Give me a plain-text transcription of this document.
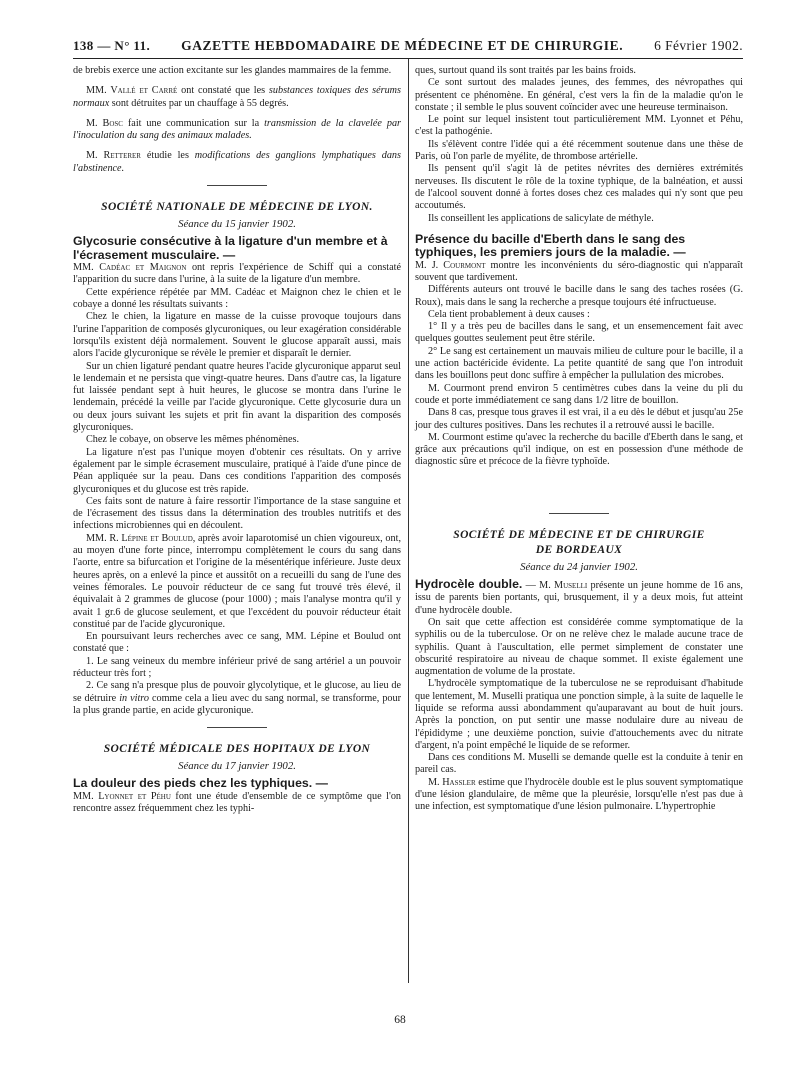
138 — N° 11. GAZETTE HEBDOMADAIRE DE MÉDECINE ET DE CHIRURGIE. 6 Février 1902.

de brebis exerce une action excitante sur les glandes mammaires de la femme.

MM. Vallé et Carré ont constaté que les substances toxiques des sérums normaux sont détruites par un chauffage à 55 degrés.

M. Bosc fait une communication sur la transmission de la clavelée par l'inoculation du sang des animaux malades.

M. Retterer étudie les modifications des ganglions lymphatiques dans l'abstinence.

SOCIÉTÉ NATIONALE DE MÉDECINE DE LYON.
Séance du 15 janvier 1902.

Glycosurie consécutive à la ligature d'un membre et à l'écrasement musculaire. —

MM. Cadéac et Maignon ont repris l'expérience de Schiff qui a constaté l'apparition du sucre dans l'urine, à la suite de la ligature d'un membre.

Cette expérience répétée par MM. Cadéac et Maignon chez le chien et le cobaye a donné les résultats suivants :

Chez le chien, la ligature en masse de la cuisse provoque toujours dans l'urine l'apparition de composés glycuroniques, ou leur exagération considérable lorsqu'ils existent déjà normalement. Souvent le glucose apparaît aussi, mais alors l'acide glycuronique se révèle le premier et disparaît le dernier.

Sur un chien ligaturé pendant quatre heures l'acide glycuronique apparut seul le lendemain et ne persista que vingt-quatre heures. Dans d'autre cas, la ligature fut laissée pendant sept à huit heures, le glucose se montra dans l'urine le lendemain, précédé la veille par l'acide glycuronique. Cette glycosurie dura un ou deux jours suivant les sujets et prit fin avant la disparition des composés glycuroniques.

Chez le cobaye, on observe les mêmes phénomènes.

La ligature n'est pas l'unique moyen d'obtenir ces résultats. On y arrive également par le simple écrasement musculaire, pratiqué à l'aide d'une pince de Péan appliquée sur la peau. Dans ces conditions l'apparition des composés glycuroniques et du glucose est très rapide.

Ces faits sont de nature à faire ressortir l'importance de la stase sanguine et de l'écrasement des tissus dans la détermination des troubles nutritifs et des infections microbiennes qui en découlent.

MM. R. Lépine et Boulud, après avoir laparotomisé un chien vigoureux, ont, au moyen d'une forte pince, interrompu complètement le cours du sang dans l'aorte, entre sa bifurcation et l'origine de la mésentérique inférieure. Juste deux heures après, on a enlevé la pince et aussitôt on a recueilli du sang de l'une des veines fémorales. Le pouvoir réducteur de ce sang fut trouvé très élevé, il équivalait à 2 grammes de glucose (pour 1000) ; mais l'analyse montra qu'il y avait 1 gr.6 de glucose seulement, et que l'excédent du pouvoir réducteur était constitué par de l'acide glycuronique.

En poursuivant leurs recherches avec ce sang, MM. Lépine et Boulud ont constaté que :

1. Le sang veineux du membre inférieur privé de sang artériel a un pouvoir réducteur très fort ;

2. Ce sang n'a presque plus de pouvoir glycolytique, et le glucose, au lieu de se détruire in vitro comme cela a lieu avec du sang normal, se transforme, pour la plus grande partie, en acide glycuronique.

SOCIÉTÉ MÉDICALE DES HOPITAUX DE LYON
Séance du 17 janvier 1902.

La douleur des pieds chez les typhiques. —

MM. Lyonnet et Péhu font une étude d'ensemble de ce symptôme que l'on rencontre assez fréquemment chez les typhi-

ques, surtout quand ils sont traités par les bains froids.

Ce sont surtout des malades jeunes, des femmes, des névropathes qui présentent ce phénomène. En général, c'est vers la fin de la maladie qu'on le constate ; il semble le plus souvent coïncider avec une heureuse terminaison.

Le point sur lequel insistent tout particulièrement MM. Lyonnet et Péhu, c'est la pathogénie.

Ils s'élèvent contre l'idée qui a été récemment soutenue dans une thèse de Paris, où l'on parle de myélite, de thrombose artérielle.

Ils pensent qu'il s'agit là de petites névrites des dernières extrémités nerveuses. Ils discutent le rôle de la toxine typhique, de la balnéation, et aussi de l'alcool souvent donné à fortes doses chez ces malades qui n'y sont que peu accoutumés.

Ils conseillent les applications de salicylate de méthyle.

Présence du bacille d'Eberth dans le sang des typhiques, les premiers jours de la maladie. —

M. J. Courmont montre les inconvénients du séro-diagnostic qui n'apparaît souvent que tardivement.

Différents auteurs ont trouvé le bacille dans le sang des taches rosées (G. Roux), mais dans le sang la recherche a presque toujours été infructueuse.

Cela tient probablement à deux causes :

1° Il y a très peu de bacilles dans le sang, et un ensemencement fait avec quelques gouttes seulement peut être stérile.

2° Le sang est certainement un mauvais milieu de culture pour le bacille, il a une action bactéricide évidente. La petite quantité de sang que l'on introduit dans les bouillons peut donc suffire à empêcher la pullulation des microbes.

M. Courmont prend environ 5 centimètres cubes dans la veine du pli du coude et porte immédiatement ce sang dans 1/2 litre de bouillon.

Dans 8 cas, presque tous graves il est vrai, il a eu dès le début et jusqu'au 25e jour des cultures positives. Dans les rechutes il a retrouvé aussi le bacille.

M. Courmont estime qu'avec la recherche du bacille d'Eberth dans le sang, et grâce aux précautions qu'il indique, on est en possession d'une méthode de diagnostic sûre et précoce de la fièvre typhoïde.

SOCIÉTÉ DE MÉDECINE ET DE CHIRURGIE
DE BORDEAUX
Séance du 24 janvier 1902.

Hydrocèle double. — M. Muselli présente un jeune homme de 16 ans, issu de parents bien portants, qui, brusquement, il y a deux mois, fut atteint d'une hydrocèle double.

On sait que cette affection est considérée comme symptomatique de la syphilis ou de la tuberculose. Or on ne relève chez le malade aucune trace de syphilis. Quant à l'auscultation, elle permet simplement de constater une obscurité respiratoire au niveau de chaque sommet. Il existe également une augmentation de volume de la prostate.

L'hydrocèle symptomatique de la tuberculose ne se reproduisant d'habitude que lentement, M. Muselli pratiqua une ponction simple, à la suite de laquelle le liquide se reforma aussi abondamment qu'auparavant au bout de huit jours. Après la ponction, on put sentir une masse nodulaire dure au niveau de l'épididyme ; une deuxième ponction, suivie d'attouchements avec du nitrate d'argent, n'a point empêché le liquide de se reformer.

Dans ces conditions M. Muselli se demande quelle est la conduite à tenir en pareil cas.

M. Hassler estime que l'hydrocèle double est le plus souvent symptomatique d'une lésion glandulaire, de même que la pleurésie, lorsqu'elle n'est pas due à une infection, est symptomatique d'une lésion pulmonaire. L'hypertrophie

68
